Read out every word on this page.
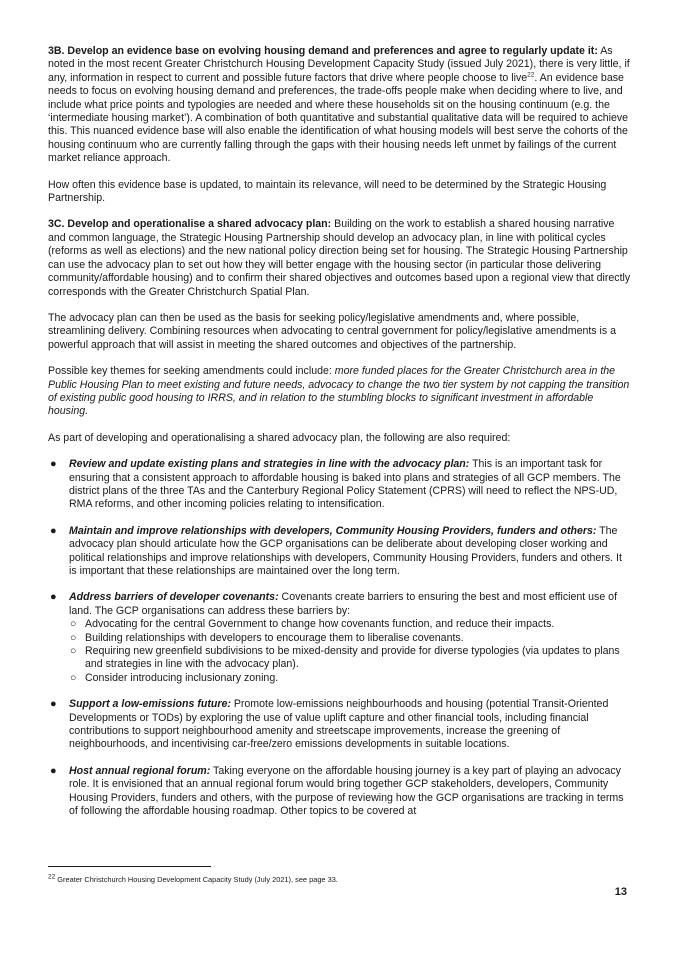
3B. Develop an evidence base on evolving housing demand and preferences and agree to regularly update it: As noted in the most recent Greater Christchurch Housing Development Capacity Study (issued July 2021), there is very little, if any, information in respect to current and possible future factors that drive where people choose to live$^{22}$. An evidence base needs to focus on evolving housing demand and preferences, the trade-offs people make when deciding where to live, and include what price points and typologies are needed and where these households sit on the housing continuum (e.g. the ‘intermediate housing market’). A combination of both quantitative and substantial qualitative data will be required to achieve this. This nuanced evidence base will also enable the identification of what housing models will best serve the cohorts of the housing continuum who are currently falling through the gaps with their housing needs left unmet by failings of the current market reliance approach.

How often this evidence base is updated, to maintain its relevance, will need to be determined by the Strategic Housing Partnership.

3C. Develop and operationalise a shared advocacy plan: Building on the work to establish a shared housing narrative and common language, the Strategic Housing Partnership should develop an advocacy plan, in line with political cycles (reforms as well as elections) and the new national policy direction being set for housing. The Strategic Housing Partnership can use the advocacy plan to set out how they will better engage with the housing sector (in particular those delivering community/affordable housing) and to confirm their shared objectives and outcomes based upon a regional view that directly corresponds with the Greater Christchurch Spatial Plan.

The advocacy plan can then be used as the basis for seeking policy/legislative amendments and, where possible, streamlining delivery. Combining resources when advocating to central government for policy/legislative amendments is a powerful approach that will assist in meeting the shared outcomes and objectives of the partnership.

Possible key themes for seeking amendments could include: more funded places for the Greater Christchurch area in the Public Housing Plan to meet existing and future needs, advocacy to change the two tier system by not capping the transition of existing public good housing to IRRS, and in relation to the stumbling blocks to significant investment in affordable housing.

As part of developing and operationalising a shared advocacy plan, the following are also required:

● Review and update existing plans and strategies in line with the advocacy plan: This is an important task for ensuring that a consistent approach to affordable housing is baked into plans and strategies of all GCP members. The district plans of the three TAs and the Canterbury Regional Policy Statement (CPRS) will need to reflect the NPS-UD, RMA reforms, and other incoming policies relating to intensification.
● Maintain and improve relationships with developers, Community Housing Providers, funders and others: The advocacy plan should articulate how the GCP organisations can be deliberate about developing closer working and political relationships and improve relationships with developers, Community Housing Providers, funders and others. It is important that these relationships are maintained over the long term.
● Address barriers of developer covenants: Covenants create barriers to ensuring the best and most efficient use of land. The GCP organisations can address these barriers by:
○ Advocating for the central Government to change how covenants function, and reduce their impacts.
○ Building relationships with developers to encourage them to liberalise covenants.
○ Requiring new greenfield subdivisions to be mixed-density and provide for diverse typologies (via updates to plans and strategies in line with the advocacy plan).
○ Consider introducing inclusionary zoning.
● Support a low-emissions future: Promote low-emissions neighbourhoods and housing (potential Transit-Oriented Developments or TODs) by exploring the use of value uplift capture and other financial tools, including financial contributions to support neighbourhood amenity and streetscape improvements, increase the greening of neighbourhoods, and incentivising car-free/zero emissions developments in suitable locations.
● Host annual regional forum: Taking everyone on the affordable housing journey is a key part of playing an advocacy role. It is envisioned that an annual regional forum would bring together GCP stakeholders, developers, Community Housing Providers, funders and others, with the purpose of reviewing how the GCP organisations are tracking in terms of following the affordable housing roadmap. Other topics to be covered at
$^{22}$ Greater Christchurch Housing Development Capacity Study (July 2021), see page 33.
13
